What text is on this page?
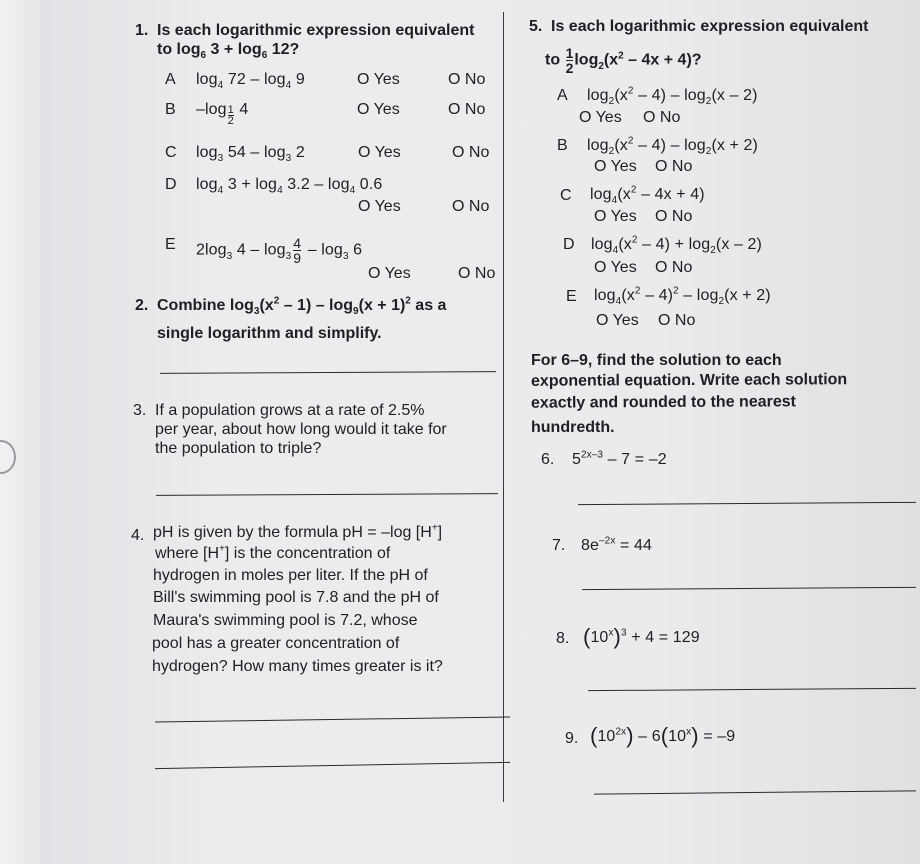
1. Is each logarithmic expression equivalent
to $\log_6 3 + \log_6 12$?
A $\log_4 72 - \log_4 9$	O Yes	O No
B $-\log \frac{1}{2} 4$	O Yes	O No
C $\log_3 54 - \log_3 2$	O Yes	O No
D $\log_4 3 + \log_4 3.2 - \log_4 0.6$
O Yes	O No
E $2\log_3$ $4 - \log_3 \frac{4}{9} - \log_3 6$
O Yes	O No
2. Combine $\log_3(x^2 - 1) - \log_9(x + 1)^2$ as a
single logarithm and simplify.
3. If a population grows at a rate of 2.5%
per year, about how long would it take for
the population to triple?
4. pH is given by the formula pH = –log [H+]
where [H+] is the concentration of
hydrogen in moles per liter. If the pH of
Bill's swimming pool is 7.8 and the pH of
Maura's swimming pool is 7.2, whose
pool has a greater concentration of
hydrogen? How many times greater is it?
5. Is each logarithmic expression equivalent
to $\frac{1}{2} \log_2(x^2 - 4x + 4)$?
A $\log_2(x^2 - 4) - \log_2(x - 2)$
O Yes O No
B $\log_2(x^2 - 4) - \log_2(x + 2)$
O Yes O No
C $\log_4(x^2 - 4x + 4)$
O Yes O No
D $\log_4(x^2 - 4) + \log_2(x - 2)$
O Yes O No
E $\log_4(x^2 - 4)^2 - \log_2(x + 2)$
O Yes O No
For 6–9, find the solution to each
exponential equation. Write each solution
exactly and rounded to the nearest
hundredth.
6. $5^{2x-3} - 7 = -2$
7. $8e^{-2x} = 44$
8. $(10^x)^3 + 4 = 129$
9. $(10^{2x}) - 6(10^x) = -9$
